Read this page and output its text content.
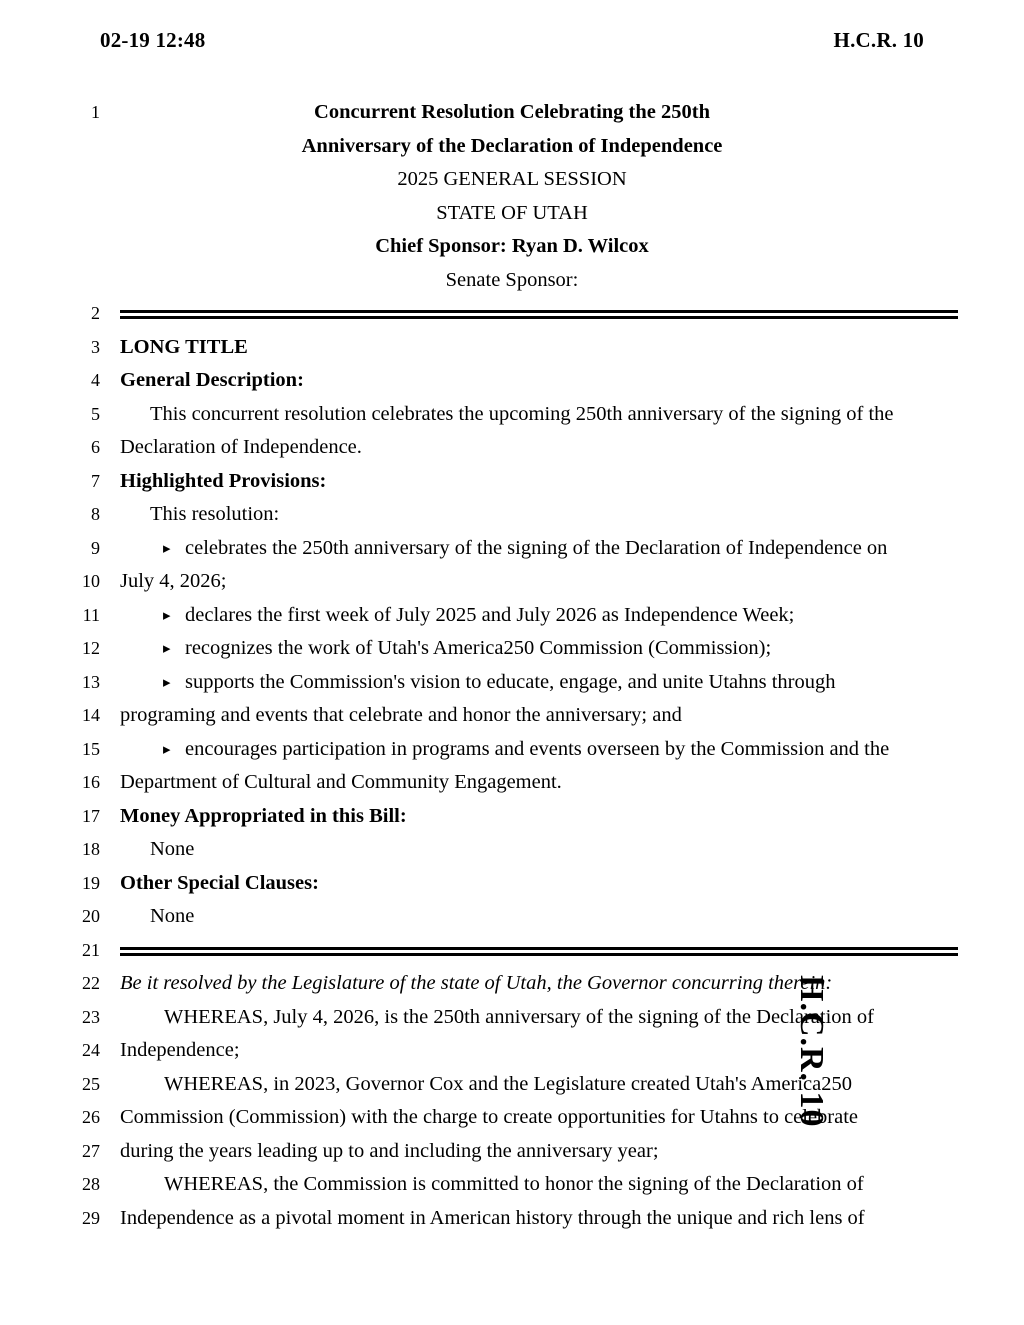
02-19 12:48	H.C.R. 10
H.C.R. 10
1	Concurrent Resolution Celebrating the 250th
Anniversary of the Declaration of Independence
2025 GENERAL SESSION
STATE OF UTAH
Chief Sponsor: Ryan D. Wilcox
Senate Sponsor:
2
3 LONG TITLE
4 General Description:
5	This concurrent resolution celebrates the upcoming 250th anniversary of the signing of the
6 Declaration of Independence.
7 Highlighted Provisions:
8	This resolution:
9	▸ celebrates the 250th anniversary of the signing of the Declaration of Independence on
10 July 4, 2026;
11	▸ declares the first week of July 2025 and July 2026 as Independence Week;
12	▸ recognizes the work of Utah's America250 Commission (Commission);
13	▸ supports the Commission's vision to educate, engage, and unite Utahns through
14 programing and events that celebrate and honor the anniversary; and
15	▸ encourages participation in programs and events overseen by the Commission and the
16 Department of Cultural and Community Engagement.
17 Money Appropriated in this Bill:
18	None
19 Other Special Clauses:
20	None
21
22 Be it resolved by the Legislature of the state of Utah, the Governor concurring therein:
23	WHEREAS, July 4, 2026, is the 250th anniversary of the signing of the Declaration of
24 Independence;
25	WHEREAS, in 2023, Governor Cox and the Legislature created Utah's America250
26 Commission (Commission) with the charge to create opportunities for Utahns to celebrate
27 during the years leading up to and including the anniversary year;
28	WHEREAS, the Commission is committed to honor the signing of the Declaration of
29 Independence as a pivotal moment in American history through the unique and rich lens of
